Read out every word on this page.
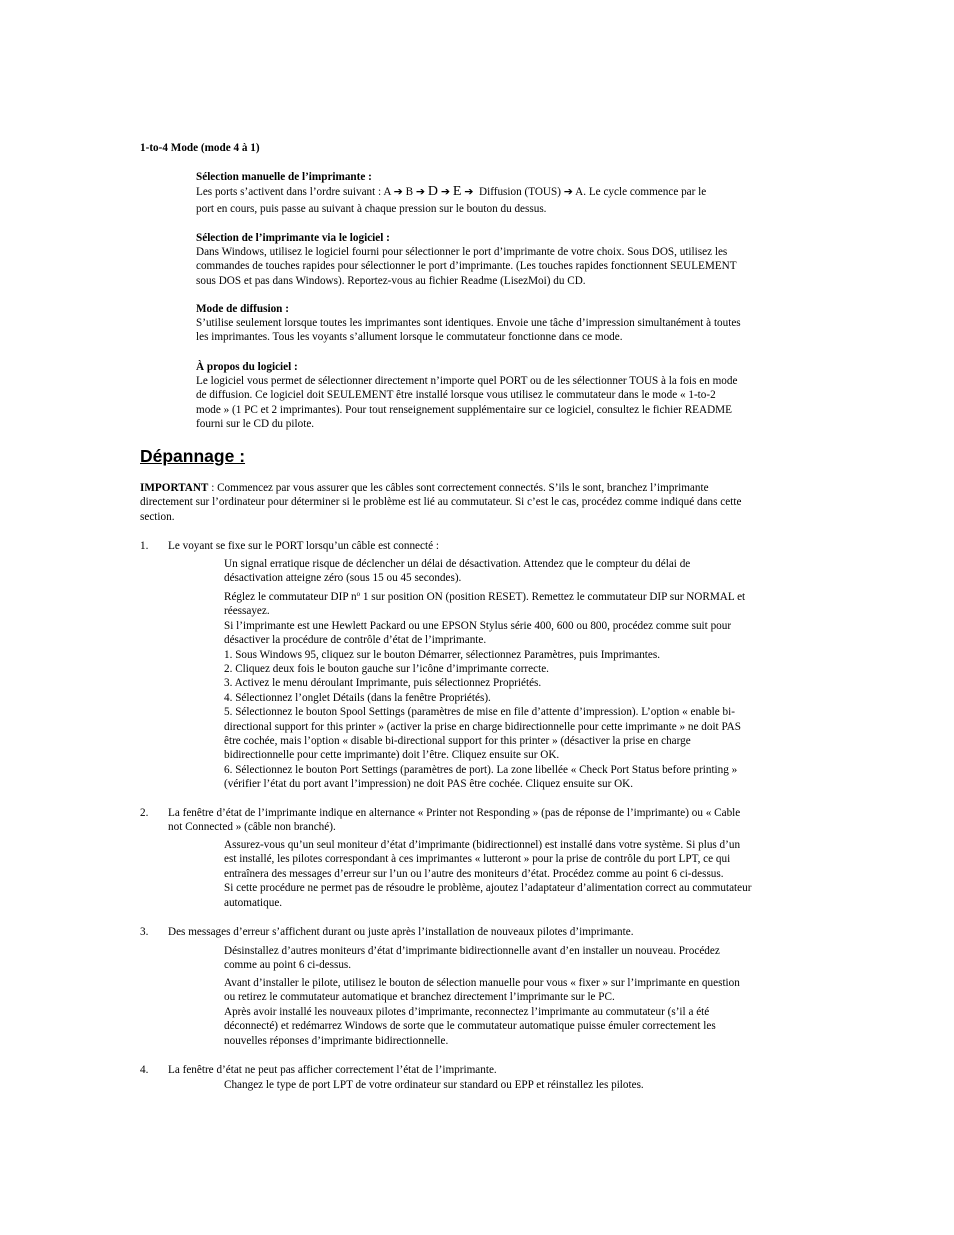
1-to-4 Mode (mode 4 à 1)

Sélection manuelle de l’imprimante :

Les ports s’activent dans l’ordre suivant : A ➔ B ➔ D ➔ E ➔ Diffusion (TOUS) ➔ A. Le cycle commence par le

port en cours, puis passe au suivant à chaque pression sur le bouton du dessus.

Sélection de l’imprimante via le logiciel :

Dans Windows, utilisez le logiciel fourni pour sélectionner le port d’imprimante de votre choix. Sous DOS, utilisez les

commandes de touches rapides pour sélectionner le port d’imprimante. (Les touches rapides fonctionnent SEULEMENT

sous DOS et pas dans Windows). Reportez-vous au fichier Readme (LisezMoi) du CD.

Mode de diffusion :

S’utilise seulement lorsque toutes les imprimantes sont identiques. Envoie une tâche d’impression simultanément à toutes

les imprimantes. Tous les voyants s’allument lorsque le commutateur fonctionne dans ce mode.

À propos du logiciel :

Le logiciel vous permet de sélectionner directement n’importe quel PORT ou de les sélectionner TOUS à la fois en mode

de diffusion. Ce logiciel doit SEULEMENT être installé lorsque vous utilisez le commutateur dans le mode « 1-to-2

mode » (1 PC et 2 imprimantes). Pour tout renseignement supplémentaire sur ce logiciel, consultez le fichier README

fourni sur le CD du pilote.

Dépannage :

IMPORTANT : Commencez par vous assurer que les câbles sont correctement connectés. S’ils le sont, branchez l’imprimante

directement sur l’ordinateur pour déterminer si le problème est lié au commutateur. Si c’est le cas, procédez comme indiqué dans cette

section.

1. Le voyant se fixe sur le PORT lorsqu’un câble est connecté :

Un signal erratique risque de déclencher un délai de désactivation. Attendez que le compteur du délai de

désactivation atteigne zéro (sous 15 ou 45 secondes).

Réglez le commutateur DIP $n^o$ 1 sur position ON (position RESET). Remettez le commutateur DIP sur NORMAL et

réessayez.

Si l’imprimante est une Hewlett Packard ou une EPSON Stylus série 400, 600 ou 800, procédez comme suit pour

désactiver la procédure de contrôle d’état de l’imprimante.

1. Sous Windows 95, cliquez sur le bouton Démarrer, sélectionnez Paramètres, puis Imprimantes.

2. Cliquez deux fois le bouton gauche sur l’icône d’imprimante correcte.

3. Activez le menu déroulant Imprimante, puis sélectionnez Propriétés.

4. Sélectionnez l’onglet Détails (dans la fenêtre Propriétés).

5. Sélectionnez le bouton Spool Settings (paramètres de mise en file d’attente d’impression). L’option « enable bi-

directional support for this printer » (activer la prise en charge bidirectionnelle pour cette imprimante » ne doit PAS

être cochée, mais l’option « disable bi-directional support for this printer » (désactiver la prise en charge

bidirectionnelle pour cette imprimante) doit l’être. Cliquez ensuite sur OK.

6. Sélectionnez le bouton Port Settings (paramètres de port). La zone libellée « Check Port Status before printing »

(vérifier l’état du port avant l’impression) ne doit PAS être cochée. Cliquez ensuite sur OK.

2. La fenêtre d’état de l’imprimante indique en alternance « Printer not Responding » (pas de réponse de l’imprimante) ou « Cable

not Connected » (câble non branché).

Assurez-vous qu’un seul moniteur d’état d’imprimante (bidirectionnel) est installé dans votre système. Si plus d’un

est installé, les pilotes correspondant à ces imprimantes « lutteront » pour la prise de contrôle du port LPT, ce qui

entraînera des messages d’erreur sur l’un ou l’autre des moniteurs d’état. Procédez comme au point 6 ci-dessus.

Si cette procédure ne permet pas de résoudre le problème, ajoutez l’adaptateur d’alimentation correct au commutateur

automatique.

3. Des messages d’erreur s’affichent durant ou juste après l’installation de nouveaux pilotes d’imprimante.

Désinstallez d’autres moniteurs d’état d’imprimante bidirectionnelle avant d’en installer un nouveau. Procédez

comme au point 6 ci-dessus.

Avant d’installer le pilote, utilisez le bouton de sélection manuelle pour vous « fixer » sur l’imprimante en question

ou retirez le commutateur automatique et branchez directement l’imprimante sur le PC.

Après avoir installé les nouveaux pilotes d’imprimante, reconnectez l’imprimante au commutateur (s’il a été

déconnecté) et redémarrez Windows de sorte que le commutateur automatique puisse émuler correctement les

nouvelles réponses d’imprimante bidirectionnelle.

4. La fenêtre d’état ne peut pas afficher correctement l’état de l’imprimante.

Changez le type de port LPT de votre ordinateur sur standard ou EPP et réinstallez les pilotes.
